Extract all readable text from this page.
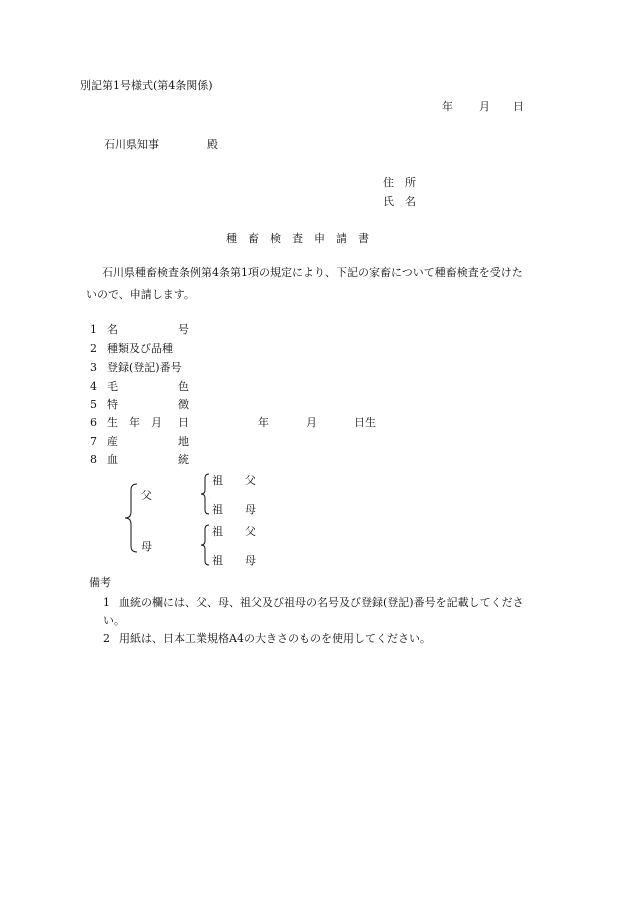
別記第1号様式(第4条関係)
年 月 日
石川県知事	殿
住　所
氏　名
種　畜　検　査　申　請　書
石川県種畜検査条例第4条第1項の規定により、下記の家畜について種畜検査を受けた
いので、申請します。
1 名	号
2 種類及び品種
3 登録(登記)番号
4 毛	色
5 特	徴
6 生　年　月 日	年	月	日生
7 産	地
8 血	統
父
母
祖　　父
祖　　母
祖　　父
祖　　母
備考
1 血統の欄には、父、母、祖父及び祖母の名号及び登録(登記)番号を記載してくださ
い。
2 用紙は、日本工業規格A4の大きさのものを使用してください。
